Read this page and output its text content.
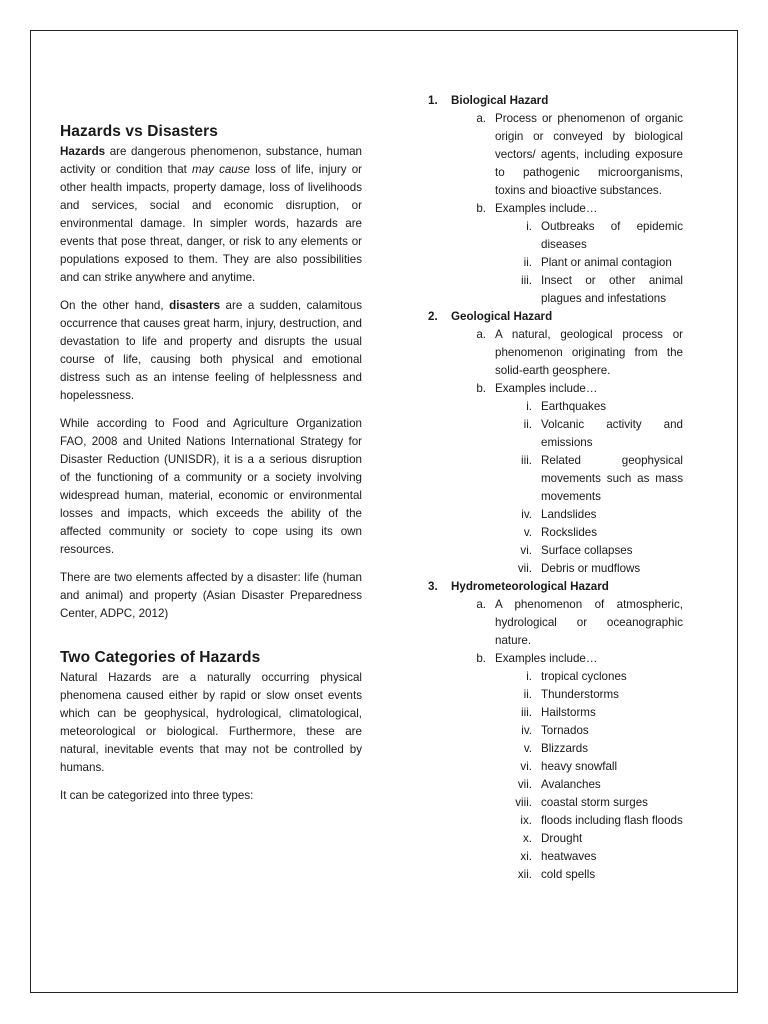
Hazards vs Disasters

Hazards are dangerous phenomenon, substance, human activity or condition that may cause loss of life, injury or other health impacts, property damage, loss of livelihoods and services, social and economic disruption, or environmental damage. In simpler words, hazards are events that pose threat, danger, or risk to any elements or populations exposed to them. They are also possibilities and can strike anywhere and anytime.

On the other hand, disasters are a sudden, calamitous occurrence that causes great harm, injury, destruction, and devastation to life and property and disrupts the usual course of life, causing both physical and emotional distress such as an intense feeling of helplessness and hopelessness.

While according to Food and Agriculture Organization FAO, 2008 and United Nations International Strategy for Disaster Reduction (UNISDR), it is a a serious disruption of the functioning of a community or a society involving widespread human, material, economic or environmental losses and impacts, which exceeds the ability of the affected community or society to cope using its own resources.

There are two elements affected by a disaster: life (human and animal) and property (Asian Disaster Preparedness Center, ADPC, 2012)

Two Categories of Hazards

Natural Hazards are a naturally occurring physical phenomena caused either by rapid or slow onset events which can be geophysical, hydrological, climatological, meteorological or biological. Furthermore, these are natural, inevitable events that may not be controlled by humans.

It can be categorized into three types:

1.	Biological Hazard
a. Process or phenomenon of organic origin or conveyed by biological vectors/ agents, including exposure to pathogenic microorganisms, toxins and bioactive substances.
b. Examples include…
i. Outbreaks of epidemic diseases
ii. Plant or animal contagion
iii. Insect or other animal plagues and infestations
2.	Geological Hazard
a. A natural, geological process or phenomenon originating from the solid-earth geosphere.
b. Examples include…
i. Earthquakes
ii. Volcanic activity and emissions
iii. Related geophysical movements such as mass movements
iv. Landslides
v. Rockslides
vi. Surface collapses
vii. Debris or mudflows
3.	Hydrometeorological Hazard
a. A phenomenon of atmospheric, hydrological or oceanographic nature.
b. Examples include…
i. tropical cyclones
ii. Thunderstorms
iii. Hailstorms
iv. Tornados
v. Blizzards
vi. heavy snowfall
vii. Avalanches
viii. coastal storm surges
ix. floods including flash floods
x. Drought
xi. heatwaves
xii. cold spells
